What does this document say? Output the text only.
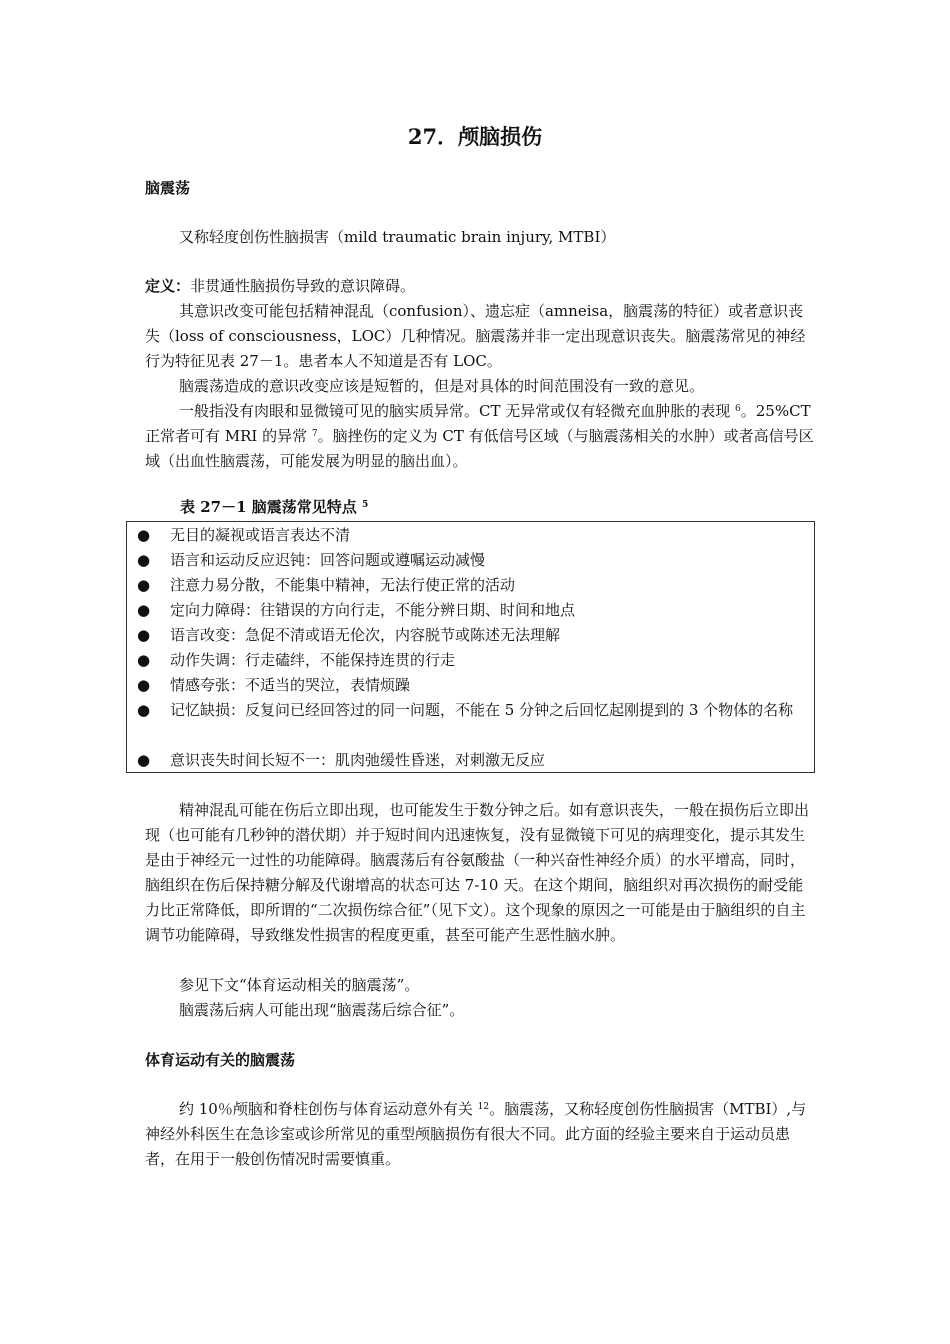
27．颅脑损伤
脑震荡

又称轻度创伤性脑损害（mild traumatic brain injury, MTBI）

定义：非贯通性脑损伤导致的意识障碍。

其意识改变可能包括精神混乱（confusion）、遗忘症（amneisa，脑震荡的特征）或者意识丧失（loss of consciousness，LOC）几种情况。脑震荡并非一定出现意识丧失。脑震荡常见的神经行为特征见表 27－1。患者本人不知道是否有 LOC。

脑震荡造成的意识改变应该是短暂的，但是对具体的时间范围没有一致的意见。

一般指没有肉眼和显微镜可见的脑实质异常。CT 无异常或仅有轻微充血肿胀的表现 $^6$。25%CT 正常者可有 MRI 的异常 $^7$。脑挫伤的定义为 CT 有低信号区域（与脑震荡相关的水肿）或者高信号区域（出血性脑震荡，可能发展为明显的脑出血）。

表 27－1 脑震荡常见特点 $^5$
● 无目的凝视或语言表达不清
● 语言和运动反应迟钝：回答问题或遵嘱运动减慢
● 注意力易分散，不能集中精神，无法行使正常的活动
● 定向力障碍：往错误的方向行走，不能分辨日期、时间和地点
● 语言改变：急促不清或语无伦次，内容脱节或陈述无法理解
● 动作失调：行走磕绊，不能保持连贯的行走
● 情感夸张：不适当的哭泣，表情烦躁
● 记忆缺损：反复问已经回答过的同一问题，不能在 5 分钟之后回忆起刚提到的 3 个物体的名称
● 意识丧失时间长短不一：肌肉弛缓性昏迷，对刺激无反应

精神混乱可能在伤后立即出现，也可能发生于数分钟之后。如有意识丧失，一般在损伤后立即出现（也可能有几秒钟的潜伏期）并于短时间内迅速恢复，没有显微镜下可见的病理变化，提示其发生是由于神经元一过性的功能障碍。脑震荡后有谷氨酸盐（一种兴奋性神经介质）的水平增高，同时，脑组织在伤后保持糖分解及代谢增高的状态可达 7-10 天。在这个期间，脑组织对再次损伤的耐受能力比正常降低，即所谓的“二次损伤综合征”（见下文）。这个现象的原因之一可能是由于脑组织的自主调节功能障碍，导致继发性损害的程度更重，甚至可能产生恶性脑水肿。

参见下文“体育运动相关的脑震荡”。

脑震荡后病人可能出现“脑震荡后综合征”。

体育运动有关的脑震荡

约 10％颅脑和脊柱创伤与体育运动意外有关 $^{12}$。脑震荡，又称轻度创伤性脑损害（MTBI）,与神经外科医生在急诊室或诊所常见的重型颅脑损伤有很大不同。此方面的经验主要来自于运动员患者，在用于一般创伤情况时需要慎重。
